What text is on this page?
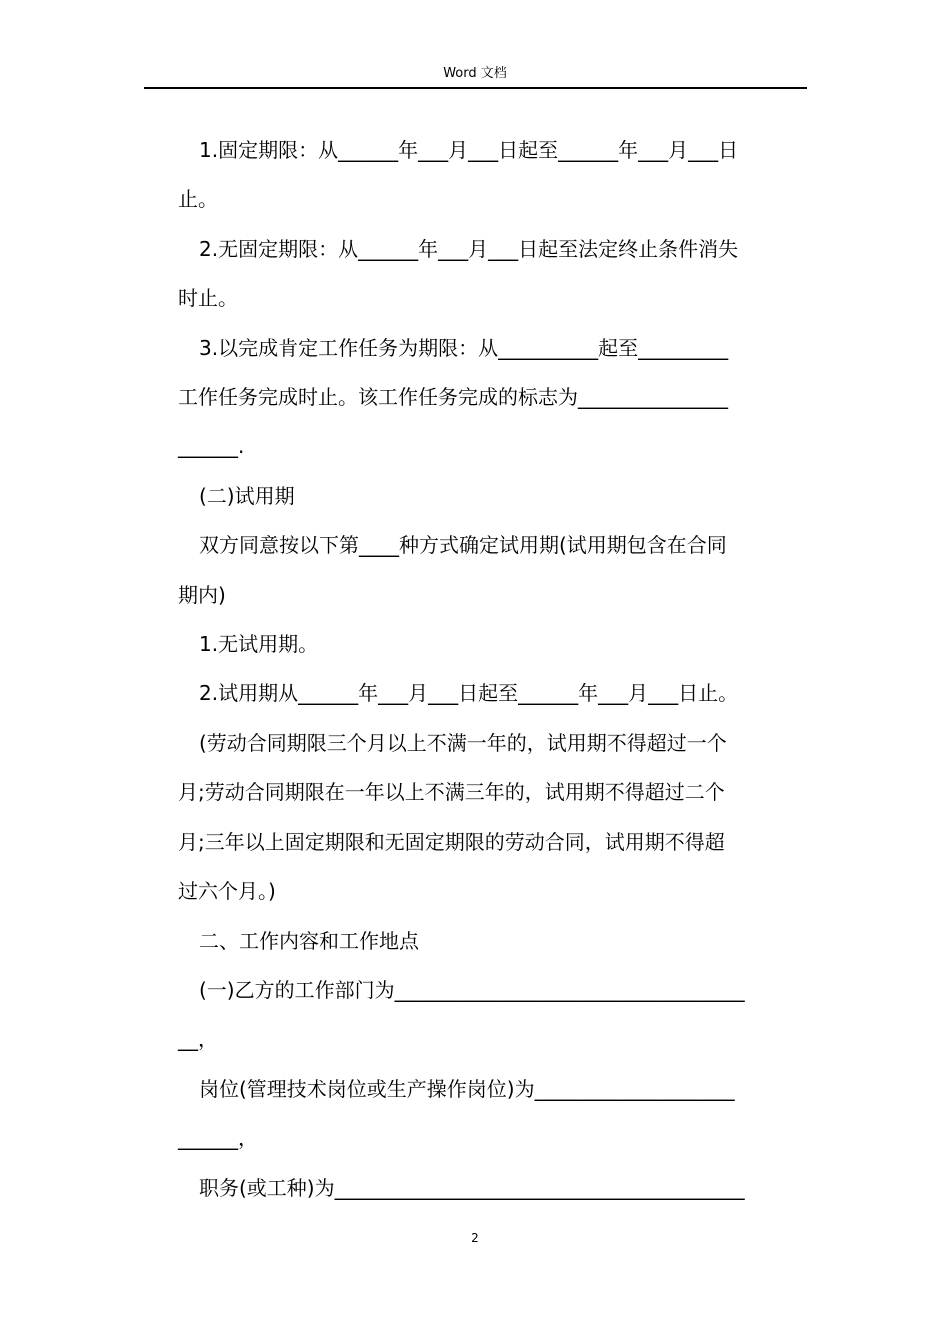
Word 文档

1.固定期限：从______年___月___日起至______年___月___日

止。

2.无固定期限：从______年___月___日起至法定终止条件消失

时止。

3.以完成肯定工作任务为期限：从__________起至_________

工作任务完成时止。该工作任务完成的标志为_______________

______.

(二)试用期

双方同意按以下第____种方式确定试用期(试用期包含在合同

期内)

1.无试用期。

2.试用期从______年___月___日起至______年___月___日止。

(劳动合同期限三个月以上不满一年的，试用期不得超过一个

月;劳动合同期限在一年以上不满三年的，试用期不得超过二个

月;三年以上固定期限和无固定期限的劳动合同，试用期不得超

过六个月。)

二、工作内容和工作地点

(一)乙方的工作部门为___________________________________

__，

岗位(管理技术岗位或生产操作岗位)为____________________

______，

职务(或工种)为_________________________________________

2
